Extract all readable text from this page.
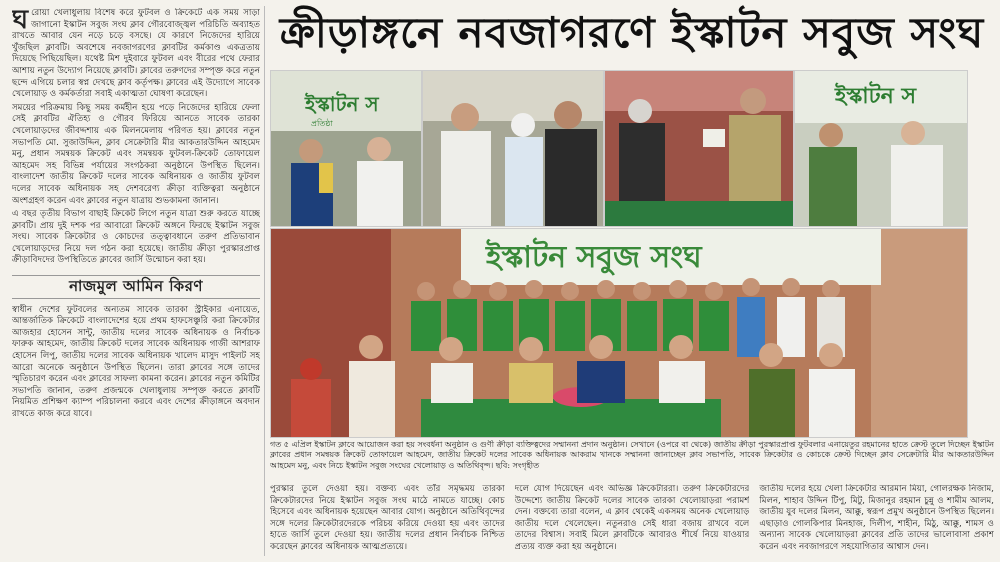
ঘরোয়া খেলাধুলায় বিশেষ করে ফুটবল ও ক্রিকেটে এক সময় সাড়া জাগানো ইস্কাটন সবুজ সংঘ ক্লাব গৌরবোজ্জ্বল পরিচিতি অব্যাহত রাখতে আবার যেন নড়ে চড়ে বসছে। যে কারণে নিজেদের হারিয়ে খুঁজছিল ক্লাবটি। অবশেষে নবজাগরণের ক্লাবটির কর্মকাণ্ড একত্রতায় দিয়েছে পিছিয়েছিল। যথেষ্ট মিশ দুইবারে ফুটবল এবং বীরের পথে ফেরার আশায় নতুন উদ্যোগ নিয়েছে ক্লাবটি। ক্লাবের তরুণদের সম্পৃক্ত করে নতুন ছন্দে এগিয়ে চলার স্বপ্ন দেখছে ক্লাব কর্তৃপক্ষ। ক্লাবের এই উদ্যোগে সাবেক খেলোয়াড় ও কর্মকর্তারা সবাই একাত্মতা ঘোষণা করেছেন।

সময়ের পরিক্রমায় কিছু সময় কর্মহীন হয়ে পড়ে নিজেদের হারিয়ে ফেলা সেই ক্লাবটির ঐতিহ্য ও গৌরব ফিরিয়ে আনতে সাবেক তারকা খেলোয়াড়দের জীবদ্দশায় এক মিলনমেলায় পরিণত হয়। ক্লাবের নতুন সভাপতি মো. সুজাউদ্দিন, ক্লাব সেক্রেটারি মীর আকতারউদ্দিন আহমেদ মনু, প্রধান সমন্বয়ক ক্রিকেট এবং সমন্বয়ক ফুটবল-ক্রিকেট তোফায়েল আহমেদ সহ বিভিন্ন পর্যায়ের সংগঠকরা অনুষ্ঠানে উপস্থিত ছিলেন। বাংলাদেশ জাতীয় ক্রিকেট দলের সাবেক অধিনায়ক ও জাতীয় ফুটবল দলের সাবেক অধিনায়ক সহ দেশবরেণ্য ক্রীড়া ব্যক্তিত্বরা অনুষ্ঠানে অংশগ্রহণ করেন এবং ক্লাবের নতুন যাত্রায় শুভকামনা জানান।

এ বছর তৃতীয় বিভাগ বাছাই ক্রিকেট লিগে নতুন যাত্রা শুরু করতে যাচ্ছে ক্লাবটি। প্রায় দুই দশক পর আবারো ক্রিকেট অঙ্গনে ফিরছে ইস্কাটন সবুজ সংঘ। সাবেক ক্রিকেটার ও কোচদের তত্ত্বাবধানে তরুণ প্রতিভাবান খেলোয়াড়দের নিয়ে দল গঠন করা হয়েছে। জাতীয় ক্রীড়া পুরস্কারপ্রাপ্ত ক্রীড়াবিদদের উপস্থিতিতে ক্লাবের জার্সি উন্মোচন করা হয়।

নাজমুল আমিন কিরণ

স্বাধীন দেশের ফুটবলের অন্যতম সাবেক তারকা স্ট্রাইকার এনায়েত, আন্তর্জাতিক ক্রিকেটে বাংলাদেশের হয়ে প্রথম হাফসেঞ্চুরি করা ক্রিকেটার আজহার হোসেন সান্টু, জাতীয় দলের সাবেক অধিনায়ক ও নির্বাচক ফারুক আহমেদ, জাতীয় ক্রিকেট দলের সাবেক অধিনায়ক গাজী আশরাফ হোসেন লিপু, জাতীয় দলের সাবেক অধিনায়ক খালেদ মাসুদ পাইলট সহ আরো অনেকে অনুষ্ঠানে উপস্থিত ছিলেন। তারা ক্লাবের সঙ্গে তাদের স্মৃতিচারণ করেন এবং ক্লাবের সাফল্য কামনা করেন। ক্লাবের নতুন কমিটির সভাপতি জানান, তরুণ প্রজন্মকে খেলাধুলায় সম্পৃক্ত করতে ক্লাবটি নিয়মিত প্রশিক্ষণ ক্যাম্প পরিচালনা করবে এবং দেশের ক্রীড়াঙ্গনে অবদান রাখতে কাজ করে যাবে।

ক্রীড়াঙ্গনে নবজাগরণে ইস্কাটন সবুজ সংঘ
ইস্কাটন স
প্রতিষ্ঠা
ইস্কাটন স
ইস্কাটন সবুজ সংঘ
গত ৫ এপ্রিল ইস্কাটন ক্লাবে আয়োজন করা হয় সংবর্ধনা অনুষ্ঠান ও গুণী ক্রীড়া ব্যক্তিত্বদের সম্মাননা প্রদান অনুষ্ঠান। সেখানে (ওপরে বা থেকে) জাতীয় ক্রীড়া পুরস্কারপ্রাপ্ত ফুটবলার এনায়েতুর রহমানের হাতে ক্রেস্ট তুলে দিচ্ছেন ইস্কাটন ক্লাবের প্রধান সমন্বয়ক ক্রিকেট তোফায়েল আহমেদ, জাতীয় ক্রিকেট দলের সাবেক অধিনায়ক আকরাম খানকে সম্মাননা জানাচ্ছেন ক্লাব সভাপতি, সাবেক ক্রিকেটার ও কোচকে ক্রেস্ট দিচ্ছেন ক্লাব সেক্রেটারি মীর আকতারউদ্দিন আহমেদ মনু, এবং নিচে ইস্কাটন সবুজ সংঘের খেলোয়াড় ও অতিথিবৃন্দ। ছবি: সংগৃহীত
পুরস্কার তুলে দেওয়া হয়। বক্তব্য এবং তাঁর সমৃদ্ধময় তারকা ক্রিকেটারদের নিয়ে ইস্কাটন সবুজ সংঘ মাঠে নামতে যাচ্ছে। কোচ হিসেবে এবং অধিনায়ক হয়েছেন আবার যোগ। অনুষ্ঠানে অতিথিবৃন্দের সঙ্গে দলের ক্রিকেটারদেরকে পরিচয় করিয়ে দেওয়া হয় এবং তাদের হাতে জার্সি তুলে দেওয়া হয়। জাতীয় দলের প্রধান নির্বাচক নিশ্চিত করেছেন ক্লাবের অধিনায়ক আত্মপ্রত্যয়ে।
দলে যোগ দিয়েছেন এবং অভিজ্ঞ ক্রিকেটাররা। তরুণ ক্রিকেটারদের উদ্দেশ্যে জাতীয় ক্রিকেট দলের সাবেক তারকা খেলোয়াড়রা পরামর্শ দেন। বক্তব্যে তারা বলেন, এ ক্লাব থেকেই একসময় অনেক খেলোয়াড় জাতীয় দলে খেলেছেন। নতুনরাও সেই ধারা বজায় রাখবে বলে তাদের বিশ্বাস। সবাই মিলে ক্লাবটিকে আবারও শীর্ষে নিয়ে যাওয়ার প্রত্যয় ব্যক্ত করা হয় অনুষ্ঠানে।
জাতীয় দলের হয়ে খেলা ক্রিকেটার আরমান মিয়া, গোলরক্ষক নিজাম, মিলন, শাহাব উদ্দিন টিপু, মিটু, মিজানুর রহমান চুন্নু ও শামীম আলম, জাতীয় যুব দলের মিলন, আক্কু, স্বরূপ প্রমুখ অনুষ্ঠানে উপস্থিত ছিলেন। এছাড়াও গোলকিপার মিনহাজ, দিলীপ, শাহীন, মিঠু, আক্কু, শামস ও অন্যান্য সাবেক খেলোয়াড়রা ক্লাবের প্রতি তাদের ভালোবাসা প্রকাশ করেন এবং নবজাগরণে সহযোগিতার আশ্বাস দেন।
